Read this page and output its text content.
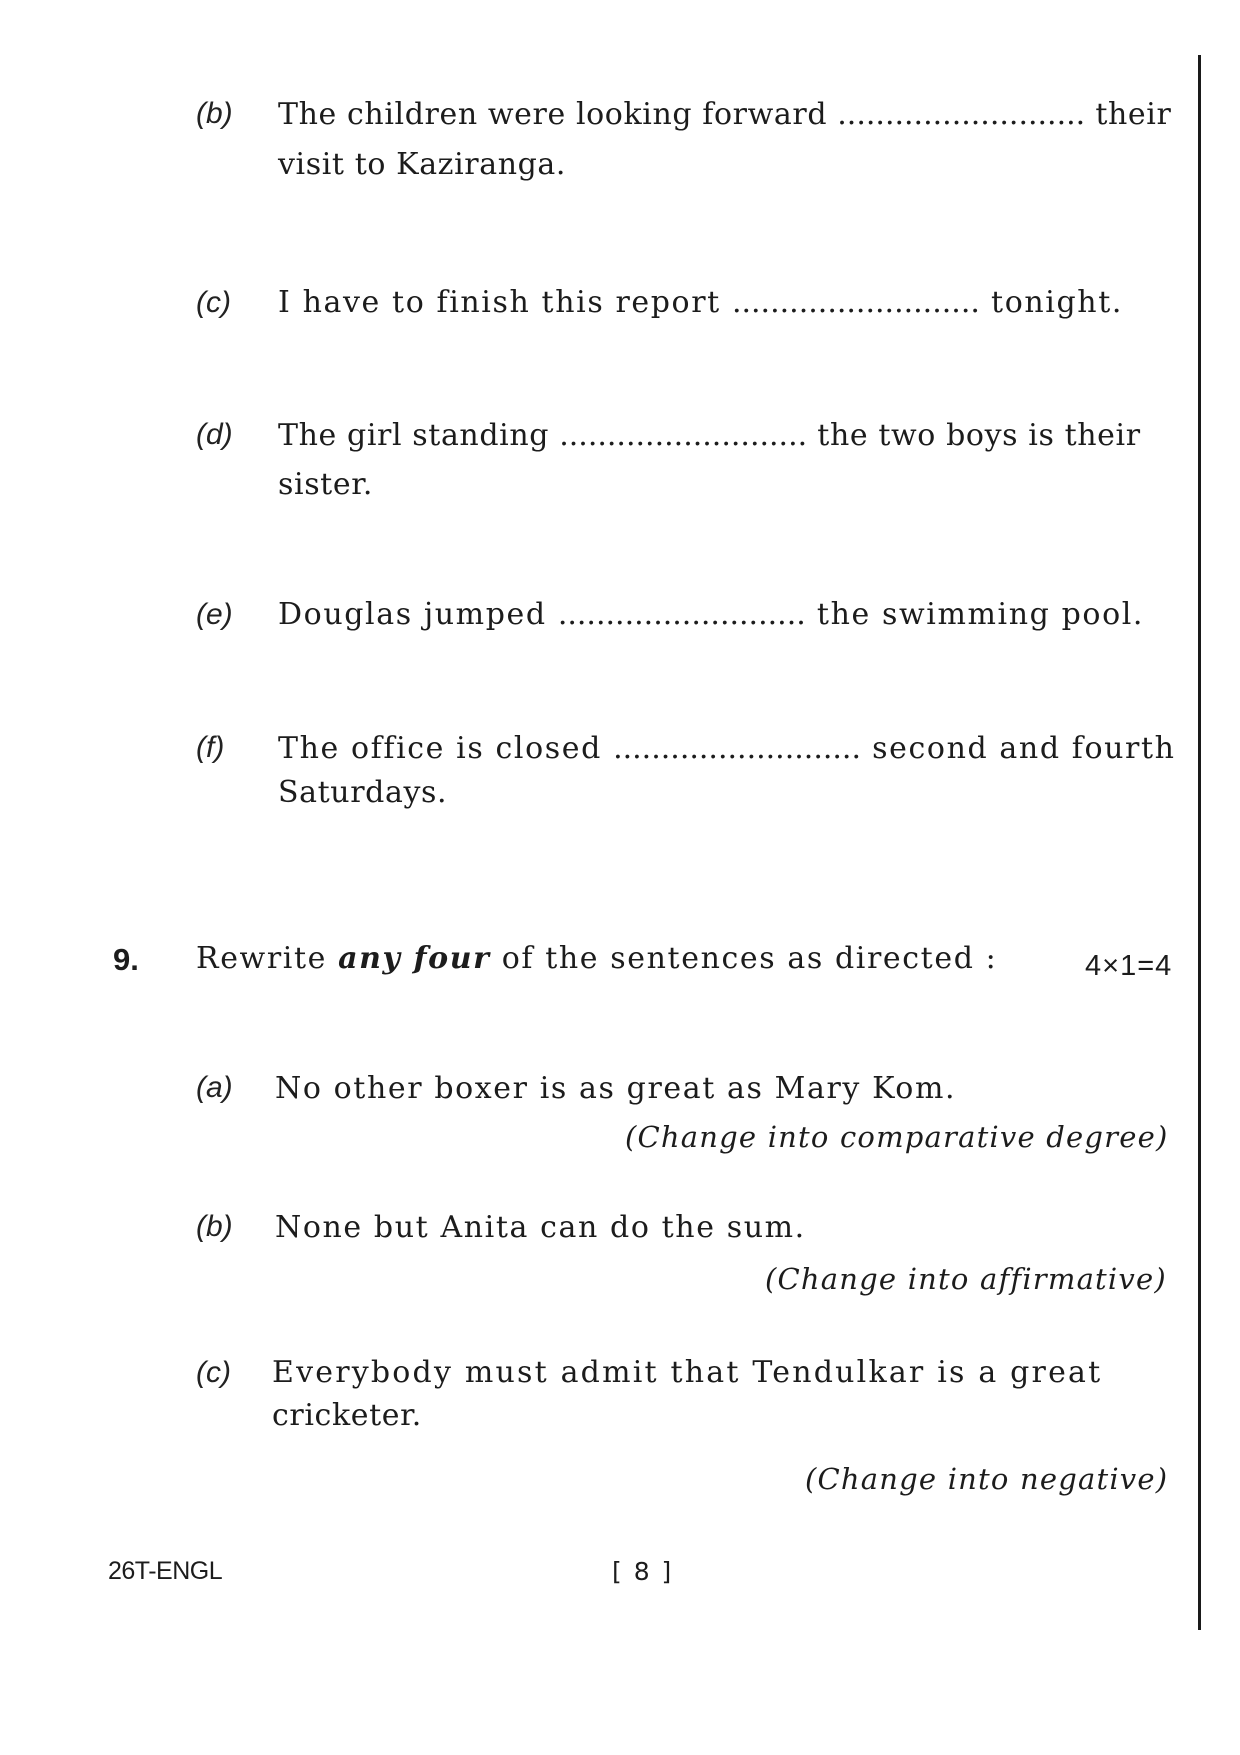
(b) The children were looking forward .......................... their
visit to Kaziranga.
(c) I have to finish this report .......................... tonight.
(d) The girl standing .......................... the two boys is their
sister.
(e) Douglas jumped .......................... the swimming pool.
(f) The office is closed .......................... second and fourth
Saturdays.
9. Rewrite any four of the sentences as directed :	4×1=4
(a) No other boxer is as great as Mary Kom.
(Change into comparative degree)
(b) None but Anita can do the sum.
(Change into affirmative)
(c) Everybody must admit that Tendulkar is a great
cricketer.
(Change into negative)
26T-ENGL	[ 8 ]
